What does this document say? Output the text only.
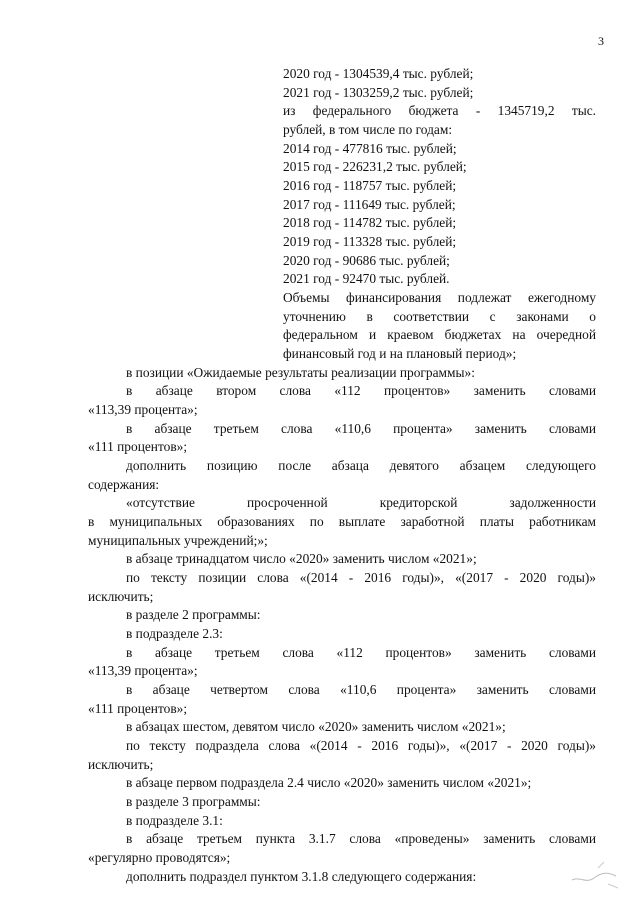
3
2020 год - 1304539,4 тыс. рублей;
2021 год - 1303259,2 тыс. рублей;
из федерального бюджета - 1345719,2 тыс.
рублей, в том числе по годам:
2014 год - 477816 тыс. рублей;
2015 год - 226231,2 тыс. рублей;
2016 год - 118757 тыс. рублей;
2017 год - 111649 тыс. рублей;
2018 год - 114782 тыс. рублей;
2019 год - 113328 тыс. рублей;
2020 год - 90686 тыс. рублей;
2021 год - 92470 тыс. рублей.
Объемы финансирования подлежат ежегодному
уточнению в соответствии с законами о
федеральном и краевом бюджетах на очередной
финансовый год и на плановый период»;
в позиции «Ожидаемые результаты реализации программы»:
в абзаце втором слова «112 процентов» заменить словами
«113,39 процента»;
в абзаце третьем слова «110,6 процента» заменить словами
«111 процентов»;
дополнить позицию после абзаца девятого абзацем следующего
содержания:
«отсутствие просроченной кредиторской задолженности
в муниципальных образованиях по выплате заработной платы работникам
муниципальных учреждений;»;
в абзаце тринадцатом число «2020» заменить числом «2021»;
по тексту позиции слова «(2014 - 2016 годы)», «(2017 - 2020 годы)»
исключить;
в разделе 2 программы:
в подразделе 2.3:
в абзаце третьем слова «112 процентов» заменить словами
«113,39 процента»;
в абзаце четвертом слова «110,6 процента» заменить словами
«111 процентов»;
в абзацах шестом, девятом число «2020» заменить числом «2021»;
по тексту подраздела слова «(2014 - 2016 годы)», «(2017 - 2020 годы)»
исключить;
в абзаце первом подраздела 2.4 число «2020» заменить числом «2021»;
в разделе 3 программы:
в подразделе 3.1:
в абзаце третьем пункта 3.1.7 слова «проведены» заменить словами
«регулярно проводятся»;
дополнить подраздел пунктом 3.1.8 следующего содержания:
